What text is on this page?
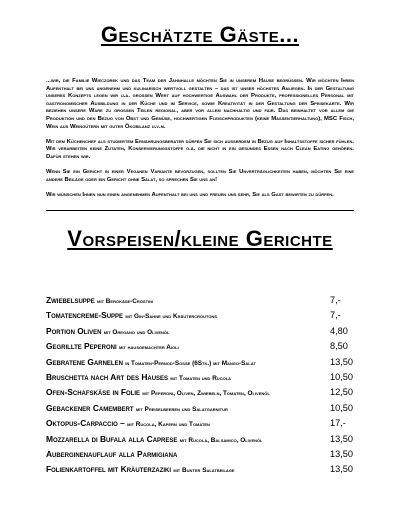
Geschätzte Gäste...

...wir, die Familie Wieczorek und das Team der Jahnhalle möchten Sie in unserem Hause begrüßen. Wir möchten Ihren Aufenthalt bei uns angenehm und kulinarisch wertvoll gestalten – das ist unser höchstes Anliegen. In der Gestaltung unseres Konzepts legen wir u.a. großen Wert auf hochwertige Auswahl der Produkte, professionelles Personal mit gastronomischer Ausbildung in der Küche und im Service, sowie Kreativität in der Gestaltung der Speisekarte. Wir beziehen unsere Ware zu großen Teilen regional, aber vor allem nachhaltig und fair. Das beinhaltet vor allem die Produktion und den Bezug von Obst und Gemüse, hochwertigen Fleischprodukten (keine Massentierhaltung), MSC Fisch, Wein aus Weingütern mit guter Ökobilanz u.v.m.

Mit dem Küchenchef als studiertem Ernährungsberater dürfen Sie sich außerdem in Bezug auf Inhaltsstoffe sicher fühlen. Wir verarbeiten keine Zutaten, Konservierungsstoffe o.ä. die nicht in ein gesundes Essen nach Clean Eating gehören. Dafür stehen wir.

Wenn Sie ein Gericht in einer Veganen Variante bevorzugen, sollten Sie Unverträglichkeiten haben, möchten Sie eine andere Beilage oder ein Gericht ohne Salat, so sprechen Sie uns an!

Wir wünschen Ihnen nun einen angenehmen Aufenthalt bei uns und freuen uns sehr, Sie als Gast bewirten zu dürfen.

Vorspeisen/kleine Gerichte
Zwiebelsuppe mit Bergkäse-Crostini	7,-
Tomatencreme-Suppe mit Gin-Sahne und Kräutercroutons	7,-
Portion Oliven mit Oregano und Olivenöl	4,80
Gegrillte Peperoni mit hausgemachter Aioli	8,50
Gebratene Garnelen in Tomaten-Pernod-Soße (6Stk.) mit Mango-Salat	13,50
Bruschetta nach Art des Hauses mit Tomaten und Rucola	10,50
Ofen-Schafskäse in Folie mit Peperoni, Oliven, Zwiebeln, Tomaten, Olivenöl	12,50
Gebackener Camembert mit Preiselbeeren und Salatgarnitur	10,50
Oktopus-Carpaccio – mit Rucola, Kapern und Tomaten	17,-
Mozzarella di Bufala alla Caprese mit Rucola, Balsamico, Olivenöl	13,50
Auberginenauflauf alla Parmigiana	13,50
Folienkartoffel mit Kräuterzaziki mit Bunter Salatbeilage	13,50
